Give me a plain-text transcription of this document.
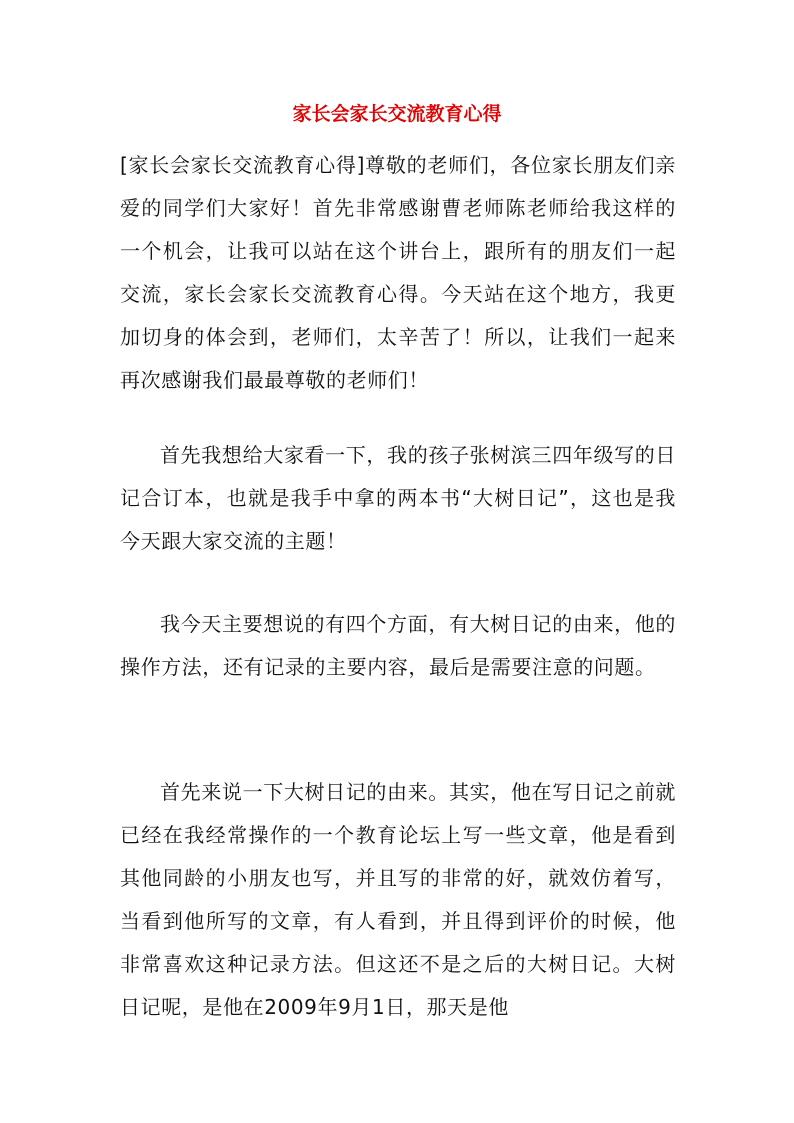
家长会家长交流教育心得

[家长会家长交流教育心得]尊敬的老师们，各位家长朋友们亲爱的同学们大家好！首先非常感谢曹老师陈老师给我这样的一个机会，让我可以站在这个讲台上，跟所有的朋友们一起交流，家长会家长交流教育心得。今天站在这个地方，我更加切身的体会到，老师们，太辛苦了！所以，让我们一起来再次感谢我们最最尊敬的老师们！

首先我想给大家看一下，我的孩子张树滨三四年级写的日记合订本，也就是我手中拿的两本书“大树日记”，这也是我今天跟大家交流的主题！

我今天主要想说的有四个方面，有大树日记的由来，他的操作方法，还有记录的主要内容，最后是需要注意的问题。

首先来说一下大树日记的由来。其实，他在写日记之前就已经在我经常操作的一个教育论坛上写一些文章，他是看到其他同龄的小朋友也写，并且写的非常的好，就效仿着写，当看到他所写的文章，有人看到，并且得到评价的时候，他非常喜欢这种记录方法。但这还不是之后的大树日记。大树日记呢，是他在2009年9月1日，那天是他
